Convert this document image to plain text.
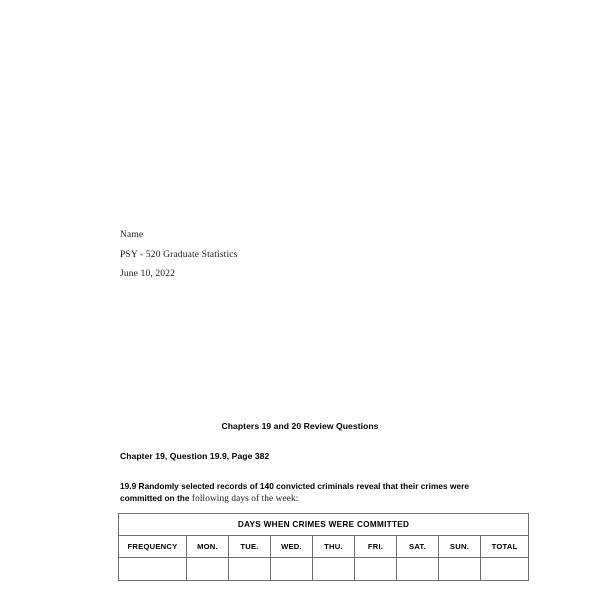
Name
PSY - 520 Graduate Statistics
June 10, 2022
Chapters 19 and 20 Review Questions
Chapter 19, Question 19.9, Page 382
19.9 Randomly selected records of 140 convicted criminals reveal that their crimes were committed on the following days of the week:
DAYS WHEN CRIMES WERE COMMITTED								
FREQUENCY	MON.	TUE.	WED.	THU.	FRI.	SAT.	SUN.	TOTAL
